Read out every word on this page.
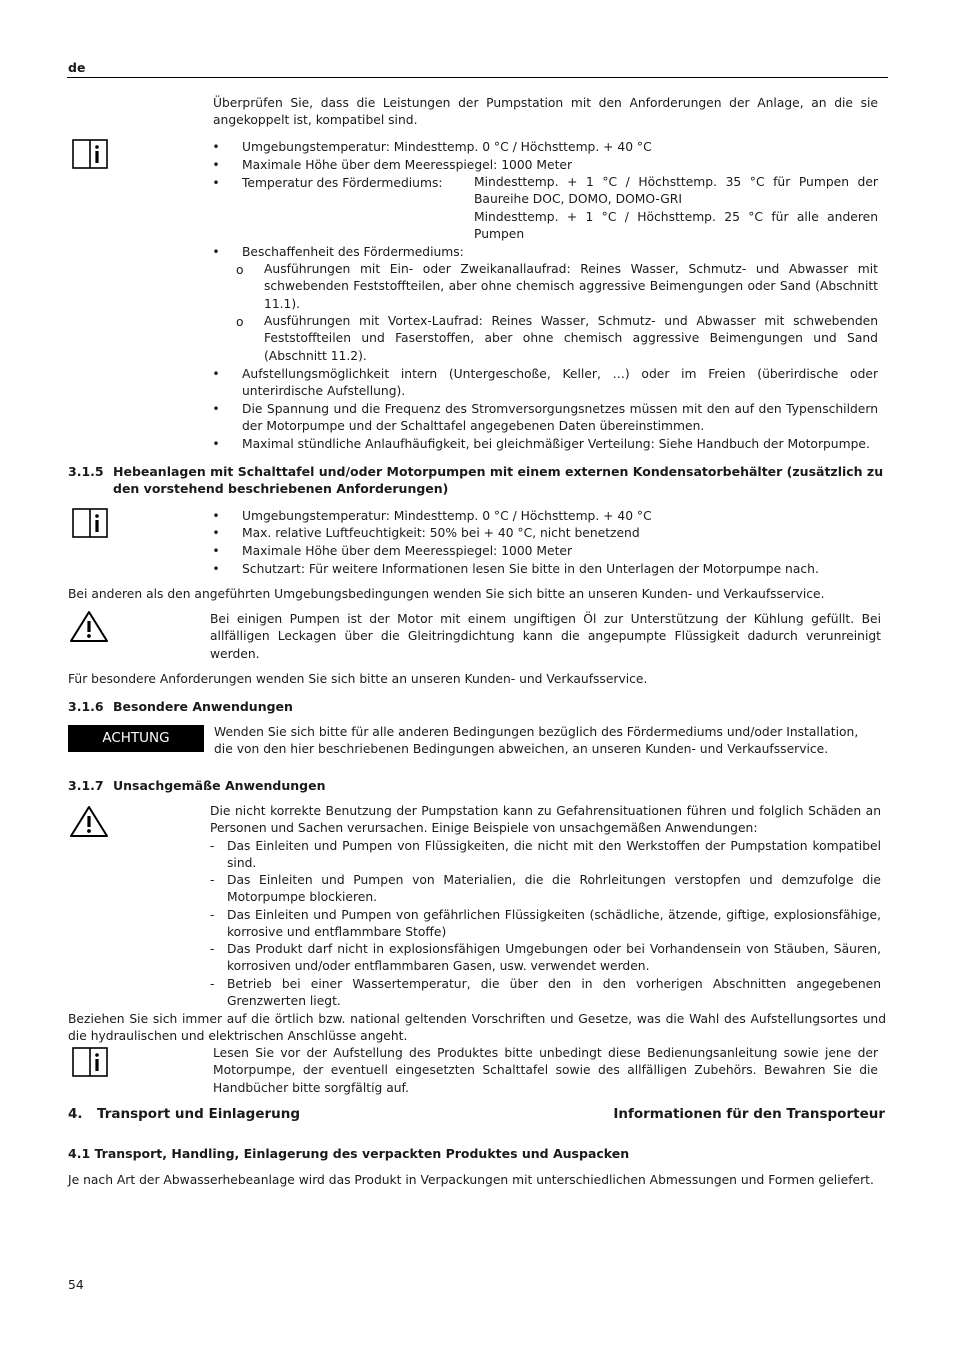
de
Überprüfen Sie, dass die Leistungen der Pumpstation mit den Anforderungen der Anlage, an die sie angekoppelt ist, kompatibel sind.
• Umgebungstemperatur: Mindesttemp. 0 °C / Höchsttemp. + 40 °C
• Maximale Höhe über dem Meeresspiegel: 1000 Meter
• Temperatur des Fördermediums:	Mindesttemp. + 1 °C / Höchsttemp. 35 °C für Pumpen der Baureihe DOC, DOMO, DOMO-GRI
Mindesttemp. + 1 °C / Höchsttemp. 25 °C für alle anderen Pumpen
• Beschaffenheit des Fördermediums:
o Ausführungen mit Ein- oder Zweikanallaufrad: Reines Wasser, Schmutz- und Abwasser mit schwebenden Feststoffteilen, aber ohne chemisch aggressive Beimengungen oder Sand (Abschnitt 11.1).
o Ausführungen mit Vortex-Laufrad: Reines Wasser, Schmutz- und Abwasser mit schwebenden Feststoffteilen und Faserstoffen, aber ohne chemisch aggressive Beimengungen und Sand (Abschnitt 11.2).
• Aufstellungsmöglichkeit intern (Untergeschoße, Keller, …) oder im Freien (überirdische oder unterirdische Aufstellung).
• Die Spannung und die Frequenz des Stromversorgungsnetzes müssen mit den auf den Typenschildern der Motorpumpe und der Schalttafel angegebenen Daten übereinstimmen.
• Maximal stündliche Anlaufhäufigkeit, bei gleichmäßiger Verteilung: Siehe Handbuch der Motorpumpe.
3.1.5 Hebeanlagen mit Schalttafel und/oder Motorpumpen mit einem externen Kondensatorbehälter (zusätzlich zu den vorstehend beschriebenen Anforderungen)
• Umgebungstemperatur: Mindesttemp. 0 °C / Höchsttemp. + 40 °C
• Max. relative Luftfeuchtigkeit: 50% bei + 40 °C, nicht benetzend
• Maximale Höhe über dem Meeresspiegel: 1000 Meter
• Schutzart: Für weitere Informationen lesen Sie bitte in den Unterlagen der Motorpumpe nach.
Bei anderen als den angeführten Umgebungsbedingungen wenden Sie sich bitte an unseren Kunden- und Verkaufsservice.
Bei einigen Pumpen ist der Motor mit einem ungiftigen Öl zur Unterstützung der Kühlung gefüllt. Bei allfälligen Leckagen über die Gleitringdichtung kann die angepumpte Flüssigkeit dadurch verunreinigt werden.
Für besondere Anforderungen wenden Sie sich bitte an unseren Kunden- und Verkaufsservice.
3.1.6 Besondere Anwendungen
ACHTUNG	Wenden Sie sich bitte für alle anderen Bedingungen bezüglich des Fördermediums und/oder Installation, die von den hier beschriebenen Bedingungen abweichen, an unseren Kunden- und Verkaufsservice.
3.1.7 Unsachgemäße Anwendungen
Die nicht korrekte Benutzung der Pumpstation kann zu Gefahrensituationen führen und folglich Schäden an Personen und Sachen verursachen. Einige Beispiele von unsachgemäßen Anwendungen:
- Das Einleiten und Pumpen von Flüssigkeiten, die nicht mit den Werkstoffen der Pumpstation kompatibel sind.
- Das Einleiten und Pumpen von Materialien, die die Rohrleitungen verstopfen und demzufolge die Motorpumpe blockieren.
- Das Einleiten und Pumpen von gefährlichen Flüssigkeiten (schädliche, ätzende, giftige, explosionsfähige, korrosive und entflammbare Stoffe)
- Das Produkt darf nicht in explosionsfähigen Umgebungen oder bei Vorhandensein von Stäuben, Säuren, korrosiven und/oder entflammbaren Gasen, usw. verwendet werden.
- Betrieb bei einer Wassertemperatur, die über den in den vorherigen Abschnitten angegebenen Grenzwerten liegt.
Beziehen Sie sich immer auf die örtlich bzw. national geltenden Vorschriften und Gesetze, was die Wahl des Aufstellungsortes und die hydraulischen und elektrischen Anschlüsse angeht.
Lesen Sie vor der Aufstellung des Produktes bitte unbedingt diese Bedienungsanleitung sowie jene der Motorpumpe, der eventuell eingesetzten Schalttafel sowie des allfälligen Zubehörs. Bewahren Sie die Handbücher bitte sorgfältig auf.
4. Transport und Einlagerung	Informationen für den Transporteur
4.1 Transport, Handling, Einlagerung des verpackten Produktes und Auspacken
Je nach Art der Abwasserhebeanlage wird das Produkt in Verpackungen mit unterschiedlichen Abmessungen und Formen geliefert.
54
